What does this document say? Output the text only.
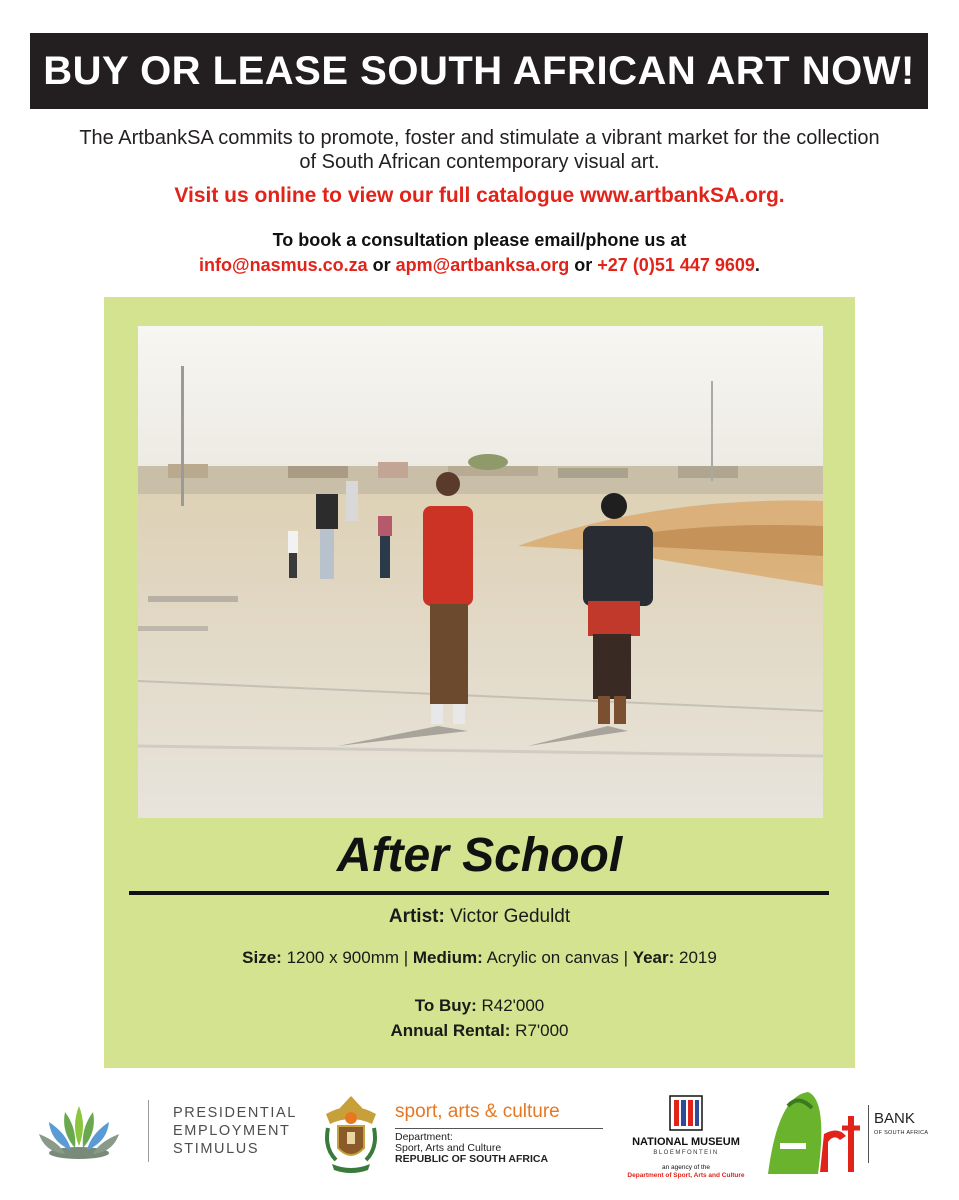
BUY OR LEASE SOUTH AFRICAN ART NOW!
The ArtbankSA commits to promote, foster and stimulate a vibrant market for the collection
of South African contemporary visual art.
Visit us online to view our full catalogue www.artbankSA.org.
To book a consultation please email/phone us at
info@nasmus.co.za or apm@artbanksa.org or +27 (0)51 447 9609.
After School
Artist: Victor Geduldt
Size: 1200 x 900mm | Medium: Acrylic on canvas | Year: 2019
To Buy: R42'000
Annual Rental: R7'000
PRESIDENTIAL
EMPLOYMENT
STIMULUS
sport, arts & culture
Department:
Sport, Arts and Culture
REPUBLIC OF SOUTH AFRICA
NATIONAL MUSEUM
BLOEMFONTEIN
an agency of the
Department of Sport, Arts and Culture
BANK
OF SOUTH AFRICA
